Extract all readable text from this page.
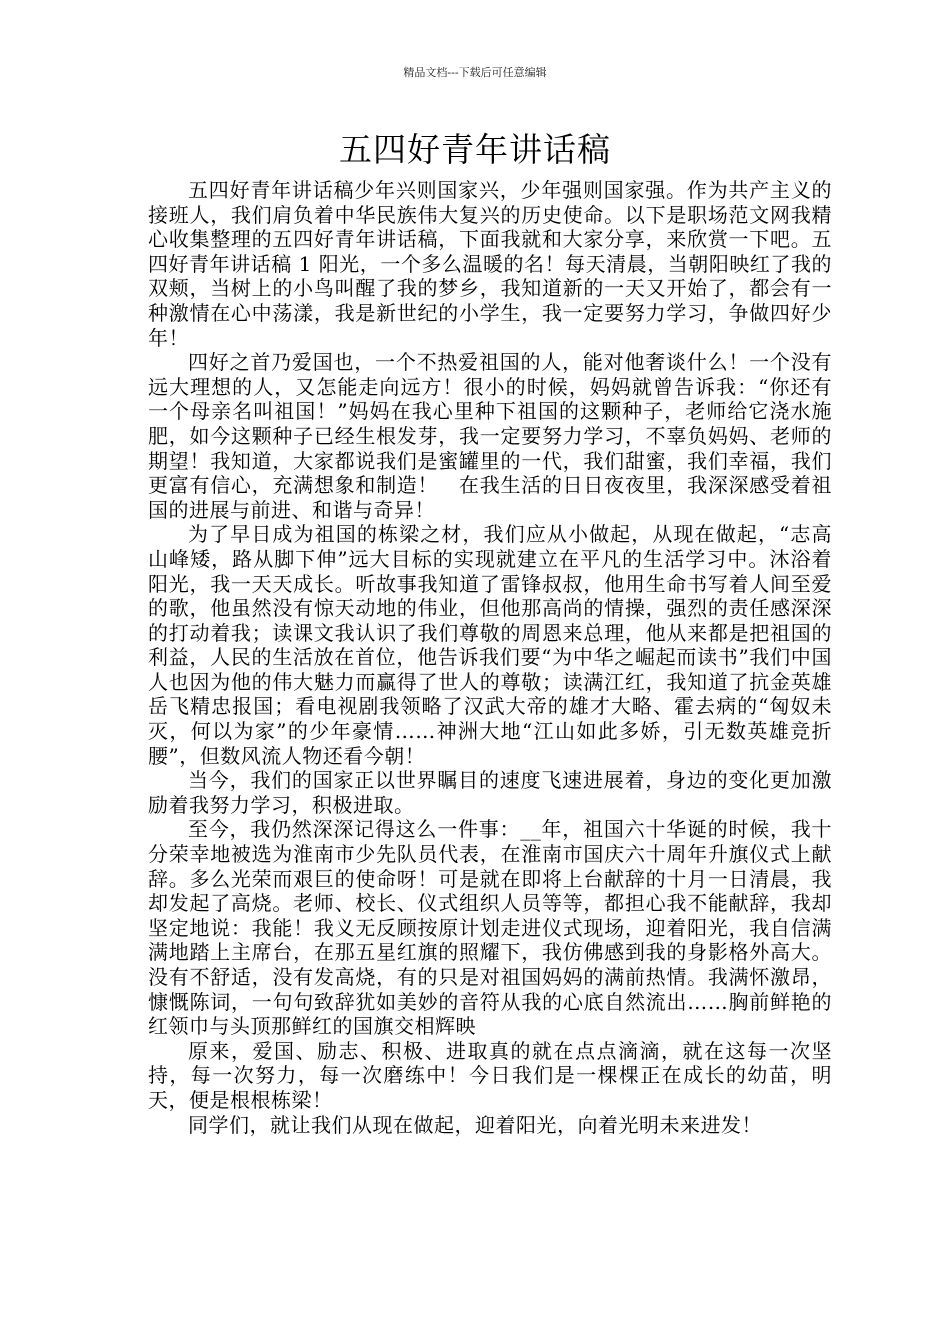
精品文档---下载后可任意编辑
五四好青年讲话稿

五四好青年讲话稿少年兴则国家兴，少年强则国家强。作为共产主义的接班人，我们肩负着中华民族伟大复兴的历史使命。以下是职场范文网我精心收集整理的五四好青年讲话稿，下面我就和大家分享，来欣赏一下吧。五四好青年讲话稿 1 阳光，一个多么温暖的名！每天清晨，当朝阳映红了我的双颊，当树上的小鸟叫醒了我的梦乡，我知道新的一天又开始了，都会有一种激情在心中荡漾，我是新世纪的小学生，我一定要努力学习，争做四好少年！

四好之首乃爱国也，一个不热爱祖国的人，能对他奢谈什么！一个没有远大理想的人，又怎能走向远方！很小的时候，妈妈就曾告诉我：“你还有一个母亲名叫祖国！”妈妈在我心里种下祖国的这颗种子，老师给它浇水施肥，如今这颗种子已经生根发芽，我一定要努力学习，不辜负妈妈、老师的期望！我知道，大家都说我们是蜜罐里的一代，我们甜蜜，我们幸福，我们更富有信心，充满想象和制造！　在我生活的日日夜夜里，我深深感受着祖国的进展与前进、和谐与奇异！

为了早日成为祖国的栋梁之材，我们应从小做起，从现在做起，“志高山峰矮，路从脚下伸”远大目标的实现就建立在平凡的生活学习中。沐浴着阳光，我一天天成长。听故事我知道了雷锋叔叔，他用生命书写着人间至爱的歌，他虽然没有惊天动地的伟业，但他那高尚的情操，强烈的责任感深深的打动着我；读课文我认识了我们尊敬的周恩来总理，他从来都是把祖国的利益，人民的生活放在首位，他告诉我们要“为中华之崛起而读书”我们中国人也因为他的伟大魅力而赢得了世人的尊敬；读满江红，我知道了抗金英雄岳飞精忠报国；看电视剧我领略了汉武大帝的雄才大略、霍去病的“匈奴未灭，何以为家”的少年豪情……神洲大地“江山如此多娇，引无数英雄竞折腰”，但数风流人物还看今朝！

当今，我们的国家正以世界瞩目的速度飞速进展着，身边的变化更加激励着我努力学习，积极进取。

至今，我仍然深深记得这么一件事：__年，祖国六十华诞的时候，我十分荣幸地被选为淮南市少先队员代表，在淮南市国庆六十周年升旗仪式上献辞。多么光荣而艰巨的使命呀！可是就在即将上台献辞的十月一日清晨，我却发起了高烧。老师、校长、仪式组织人员等等，都担心我不能献辞，我却坚定地说：我能！我义无反顾按原计划走进仪式现场，迎着阳光，我自信满满地踏上主席台，在那五星红旗的照耀下，我仿佛感到我的身影格外高大。没有不舒适，没有发高烧，有的只是对祖国妈妈的满前热情。我满怀激昂，慷慨陈词，一句句致辞犹如美妙的音符从我的心底自然流出……胸前鲜艳的红领巾与头顶那鲜红的国旗交相辉映

原来，爱国、励志、积极、进取真的就在点点滴滴，就在这每一次坚持，每一次努力，每一次磨练中！今日我们是一棵棵正在成长的幼苗，明天，便是根根栋梁！

同学们，就让我们从现在做起，迎着阳光，向着光明未来进发！
